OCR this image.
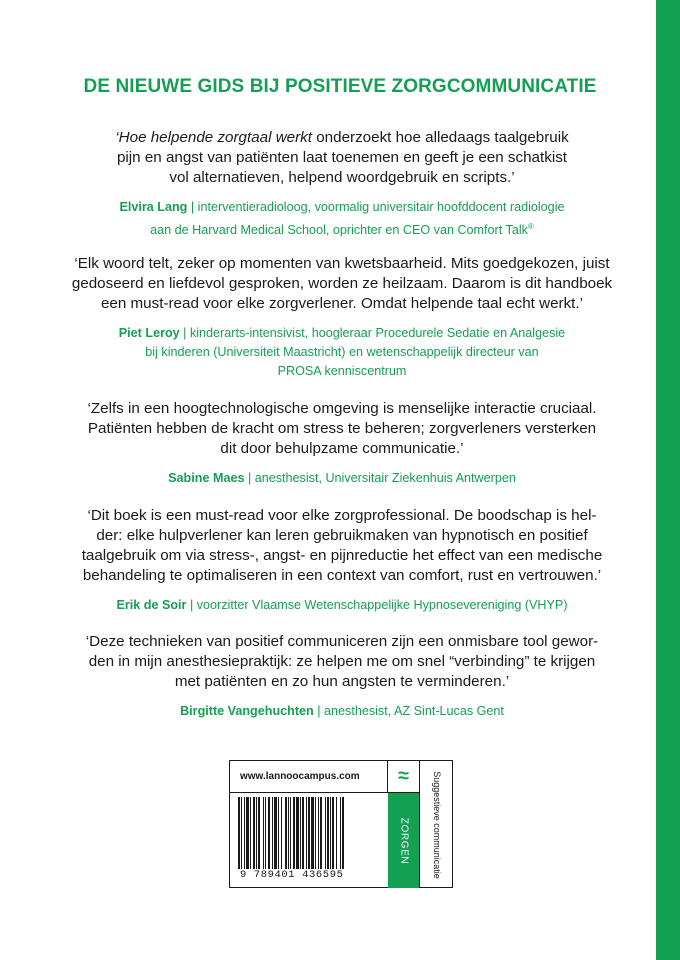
DE NIEUWE GIDS BIJ POSITIEVE ZORGCOMMUNICATIE

‘Hoe helpende zorgtaal werkt onderzoekt hoe alledaags taalgebruik
pijn en angst van patiënten laat toenemen en geeft je een schatkist
vol alternatieven, helpend woordgebruik en scripts.’

Elvira Lang | interventieradioloog, voormalig universitair hoofddocent radiologie
aan de Harvard Medical School, oprichter en CEO van Comfort Talk®

‘Elk woord telt, zeker op momenten van kwetsbaarheid. Mits goedgekozen, juist
gedoseerd en liefdevol gesproken, worden ze heilzaam. Daarom is dit handboek
een must-read voor elke zorgverlener. Omdat helpende taal echt werkt.’

Piet Leroy | kinderarts-intensivist, hoogleraar Procedurele Sedatie en Analgesie
bij kinderen (Universiteit Maastricht) en wetenschappelijk directeur van
PROSA kenniscentrum

‘Zelfs in een hoogtechnologische omgeving is menselijke interactie cruciaal.
Patiënten hebben de kracht om stress te beheren; zorgverleners versterken
dit door behulpzame communicatie.’

Sabine Maes | anesthesist, Universitair Ziekenhuis Antwerpen

‘Dit boek is een must-read voor elke zorgprofessional. De boodschap is hel-
der: elke hulpverlener kan leren gebruikmaken van hypnotisch en positief
taalgebruik om via stress-, angst- en pijnreductie het effect van een medische
behandeling te optimaliseren in een context van comfort, rust en vertrouwen.’

Erik de Soir | voorzitter Vlaamse Wetenschappelijke Hypnosevereniging (VHYP)

‘Deze technieken van positief communiceren zijn een onmisbare tool gewor-
den in mijn anesthesiepraktijk: ze helpen me om snel “verbinding” te krijgen
met patiënten en zo hun angsten te verminderen.’

Birgitte Vangehuchten | anesthesist, AZ Sint-Lucas Gent

www.lannoocampus.com	≈
9 789401 436595
ZORGEN	Suggestieve communicatie
